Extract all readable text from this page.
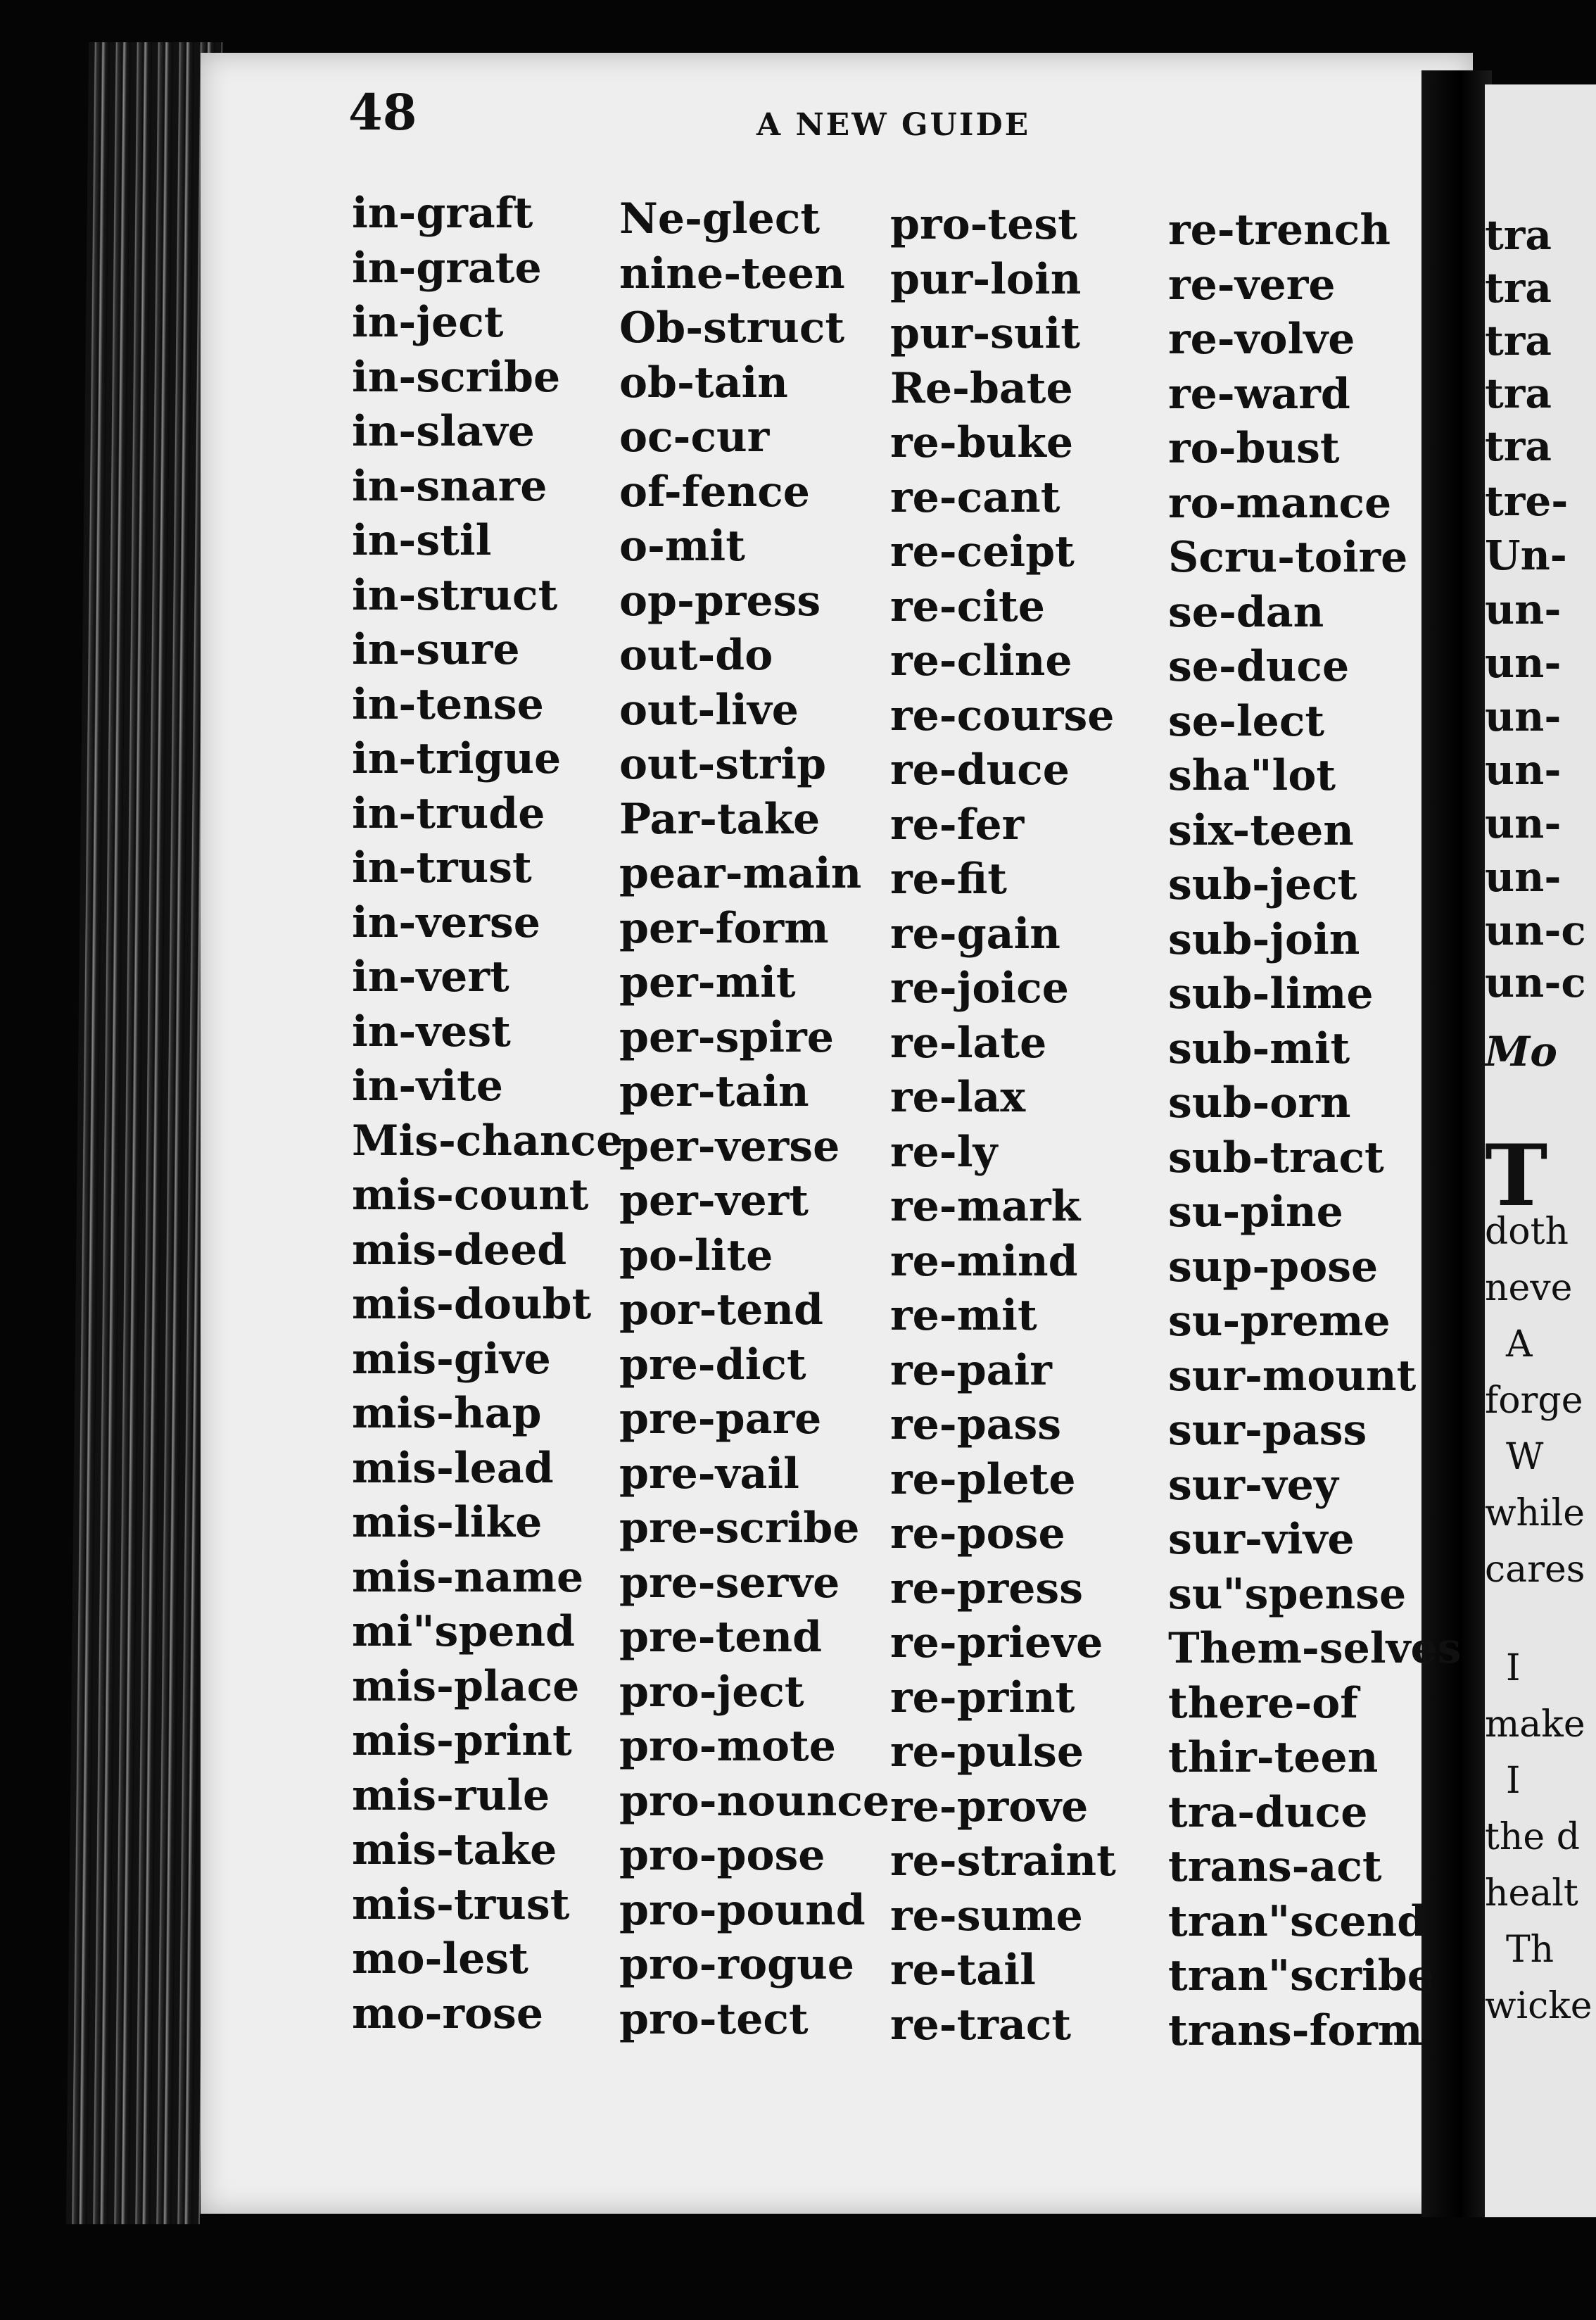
48	A NEW GUIDE
in-graft
in-grate
in-ject
in-scribe
in-slave
in-snare
in-stil
in-struct
in-sure
in-tense
in-trigue
in-trude
in-trust
in-verse
in-vert
in-vest
in-vite
Mis-chance
mis-count
mis-deed
mis-doubt
mis-give
mis-hap
mis-lead
mis-like
mis-name
mi"spend
mis-place
mis-print
mis-rule
mis-take
mis-trust
mo-lest
mo-rose
Ne-glect
nine-teen
Ob-struct
ob-tain
oc-cur
of-fence
o-mit
op-press
out-do
out-live
out-strip
Par-take
pear-main
per-form
per-mit
per-spire
per-tain
per-verse
per-vert
po-lite
por-tend
pre-dict
pre-pare
pre-vail
pre-scribe
pre-serve
pre-tend
pro-ject
pro-mote
pro-nounce
pro-pose
pro-pound
pro-rogue
pro-tect
pro-test
pur-loin
pur-suit
Re-bate
re-buke
re-cant
re-ceipt
re-cite
re-cline
re-course
re-duce
re-fer
re-fit
re-gain
re-joice
re-late
re-lax
re-ly
re-mark
re-mind
re-mit
re-pair
re-pass
re-plete
re-pose
re-press
re-prieve
re-print
re-pulse
re-prove
re-straint
re-sume
re-tail
re-tract
re-trench
re-vere
re-volve
re-ward
ro-bust
ro-mance
Scru-toire
se-dan
se-duce
se-lect
sha"lot
six-teen
sub-ject
sub-join
sub-lime
sub-mit
sub-orn
sub-tract
su-pine
sup-pose
su-preme
sur-mount
sur-pass
sur-vey
sur-vive
su"spense
Them-selves
there-of
thir-teen
tra-duce
trans-act
tran"scend
tran"scribe
trans-form
tra
tra
tra
tra
tra
tre-
Un-
un-
un-
un-
un-
un-
un-
un-c
un-c
Mo
T
doth
neve
A
forge
W
while
cares
I
make
I
the d
healt
Th
wicke
